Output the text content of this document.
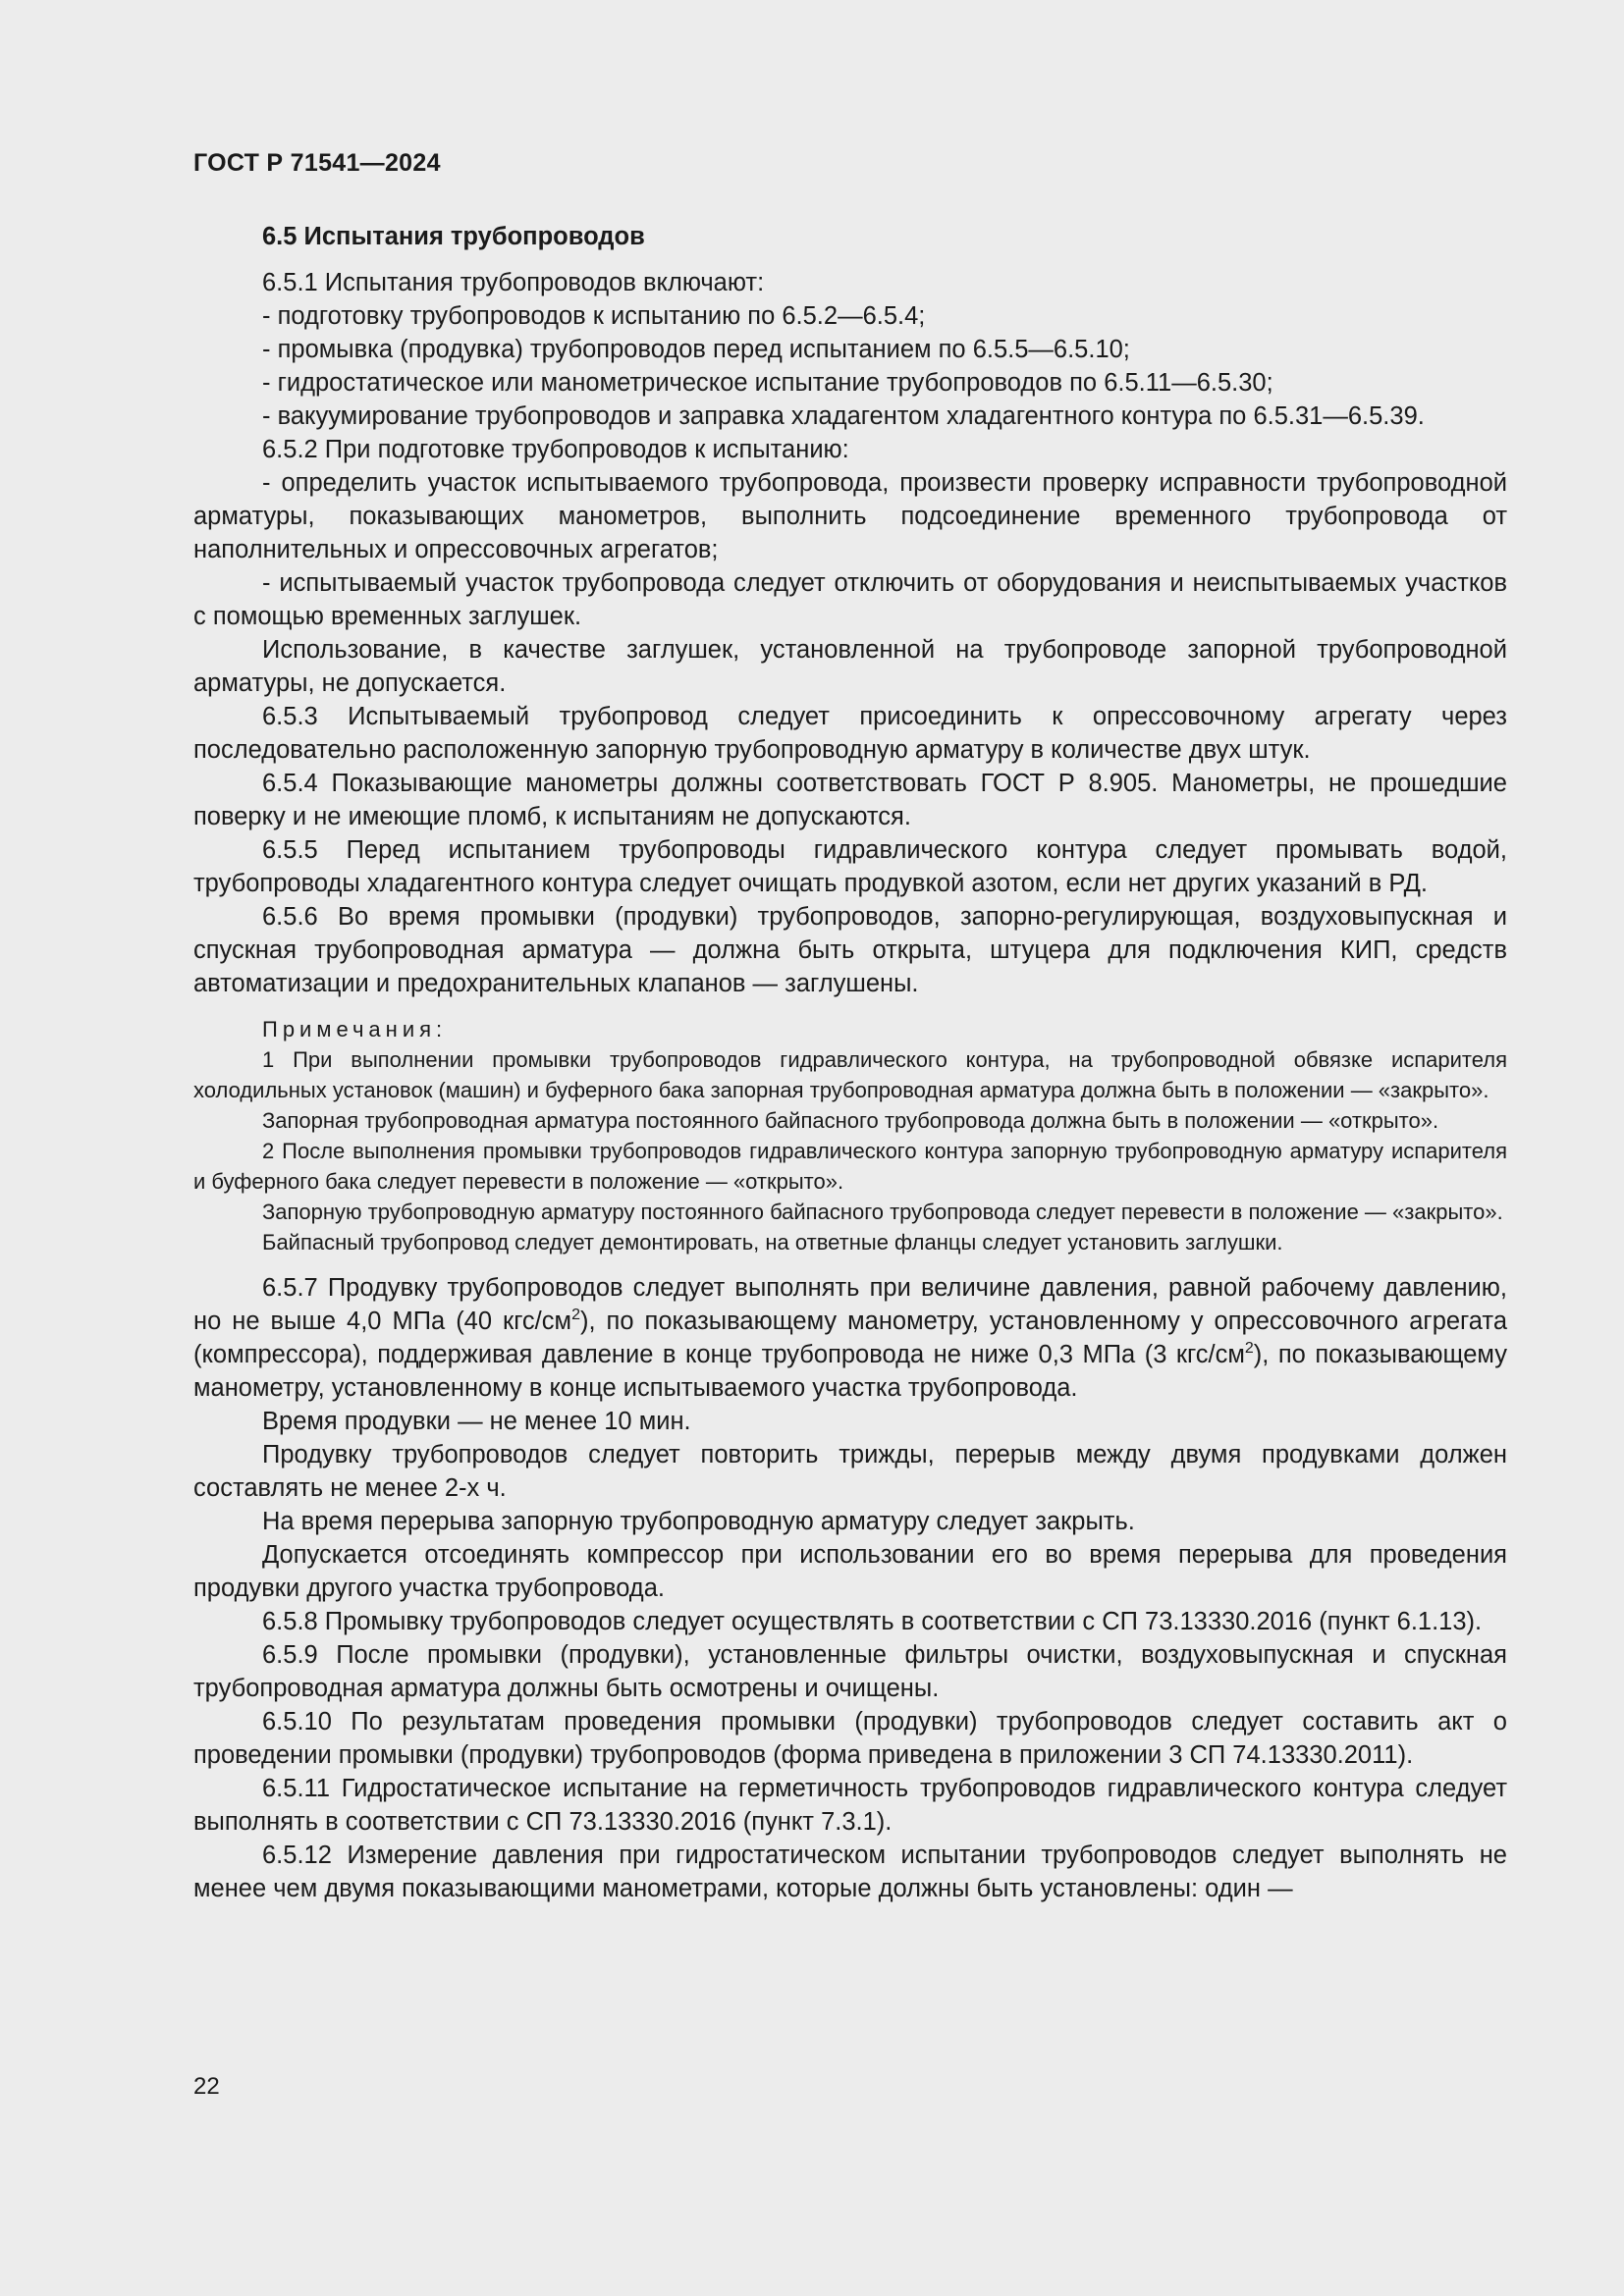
ГОСТ Р 71541—2024

6.5 Испытания трубопроводов

6.5.1 Испытания трубопроводов включают:

- подготовку трубопроводов к испытанию по 6.5.2—6.5.4;

- промывка (продувка) трубопроводов перед испытанием по 6.5.5—6.5.10;

- гидростатическое или манометрическое испытание трубопроводов по 6.5.11—6.5.30;

- вакуумирование трубопроводов и заправка хладагентом хладагентного контура по 6.5.31—6.5.39.

6.5.2 При подготовке трубопроводов к испытанию:

- определить участок испытываемого трубопровода, произвести проверку исправности трубопроводной арматуры, показывающих манометров, выполнить подсоединение временного трубопровода от наполнительных и опрессовочных агрегатов;

- испытываемый участок трубопровода следует отключить от оборудования и неиспытываемых участков с помощью временных заглушек.

Использование, в качестве заглушек, установленной на трубопроводе запорной трубопроводной арматуры, не допускается.

6.5.3 Испытываемый трубопровод следует присоединить к опрессовочному агрегату через последовательно расположенную запорную трубопроводную арматуру в количестве двух штук.

6.5.4 Показывающие манометры должны соответствовать ГОСТ Р 8.905. Манометры, не прошедшие поверку и не имеющие пломб, к испытаниям не допускаются.

6.5.5 Перед испытанием трубопроводы гидравлического контура следует промывать водой, трубопроводы хладагентного контура следует очищать продувкой азотом, если нет других указаний в РД.

6.5.6 Во время промывки (продувки) трубопроводов, запорно-регулирующая, воздуховыпускная и спускная трубопроводная арматура — должна быть открыта, штуцера для подключения КИП, средств автоматизации и предохранительных клапанов — заглушены.

Примечания:

1 При выполнении промывки трубопроводов гидравлического контура, на трубопроводной обвязке испарителя холодильных установок (машин) и буферного бака запорная трубопроводная арматура должна быть в положении — «закрыто».

Запорная трубопроводная арматура постоянного байпасного трубопровода должна быть в положении — «открыто».

2 После выполнения промывки трубопроводов гидравлического контура запорную трубопроводную арматуру испарителя и буферного бака следует перевести в положение — «открыто».

Запорную трубопроводную арматуру постоянного байпасного трубопровода следует перевести в положение — «закрыто».

Байпасный трубопровод следует демонтировать, на ответные фланцы следует установить заглушки.

6.5.7 Продувку трубопроводов следует выполнять при величине давления, равной рабочему давлению, но не выше 4,0 МПа (40 кгс/$см^2$), по показывающему манометру, установленному у опрессовочного агрегата (компрессора), поддерживая давление в конце трубопровода не ниже 0,3 МПа (3 кгс/$см^2$), по показывающему манометру, установленному в конце испытываемого участка трубопровода.

Время продувки — не менее 10 мин.

Продувку трубопроводов следует повторить трижды, перерыв между двумя продувками должен составлять не менее 2-х ч.

На время перерыва запорную трубопроводную арматуру следует закрыть.

Допускается отсоединять компрессор при использовании его во время перерыва для проведения продувки другого участка трубопровода.

6.5.8 Промывку трубопроводов следует осуществлять в соответствии с СП 73.13330.2016 (пункт 6.1.13).

6.5.9 После промывки (продувки), установленные фильтры очистки, воздуховыпускная и спускная трубопроводная арматура должны быть осмотрены и очищены.

6.5.10 По результатам проведения промывки (продувки) трубопроводов следует составить акт о проведении промывки (продувки) трубопроводов (форма приведена в приложении 3 СП 74.13330.2011).

6.5.11 Гидростатическое испытание на герметичность трубопроводов гидравлического контура следует выполнять в соответствии с СП 73.13330.2016 (пункт 7.3.1).

6.5.12 Измерение давления при гидростатическом испытании трубопроводов следует выполнять не менее чем двумя показывающими манометрами, которые должны быть установлены: один —

22
